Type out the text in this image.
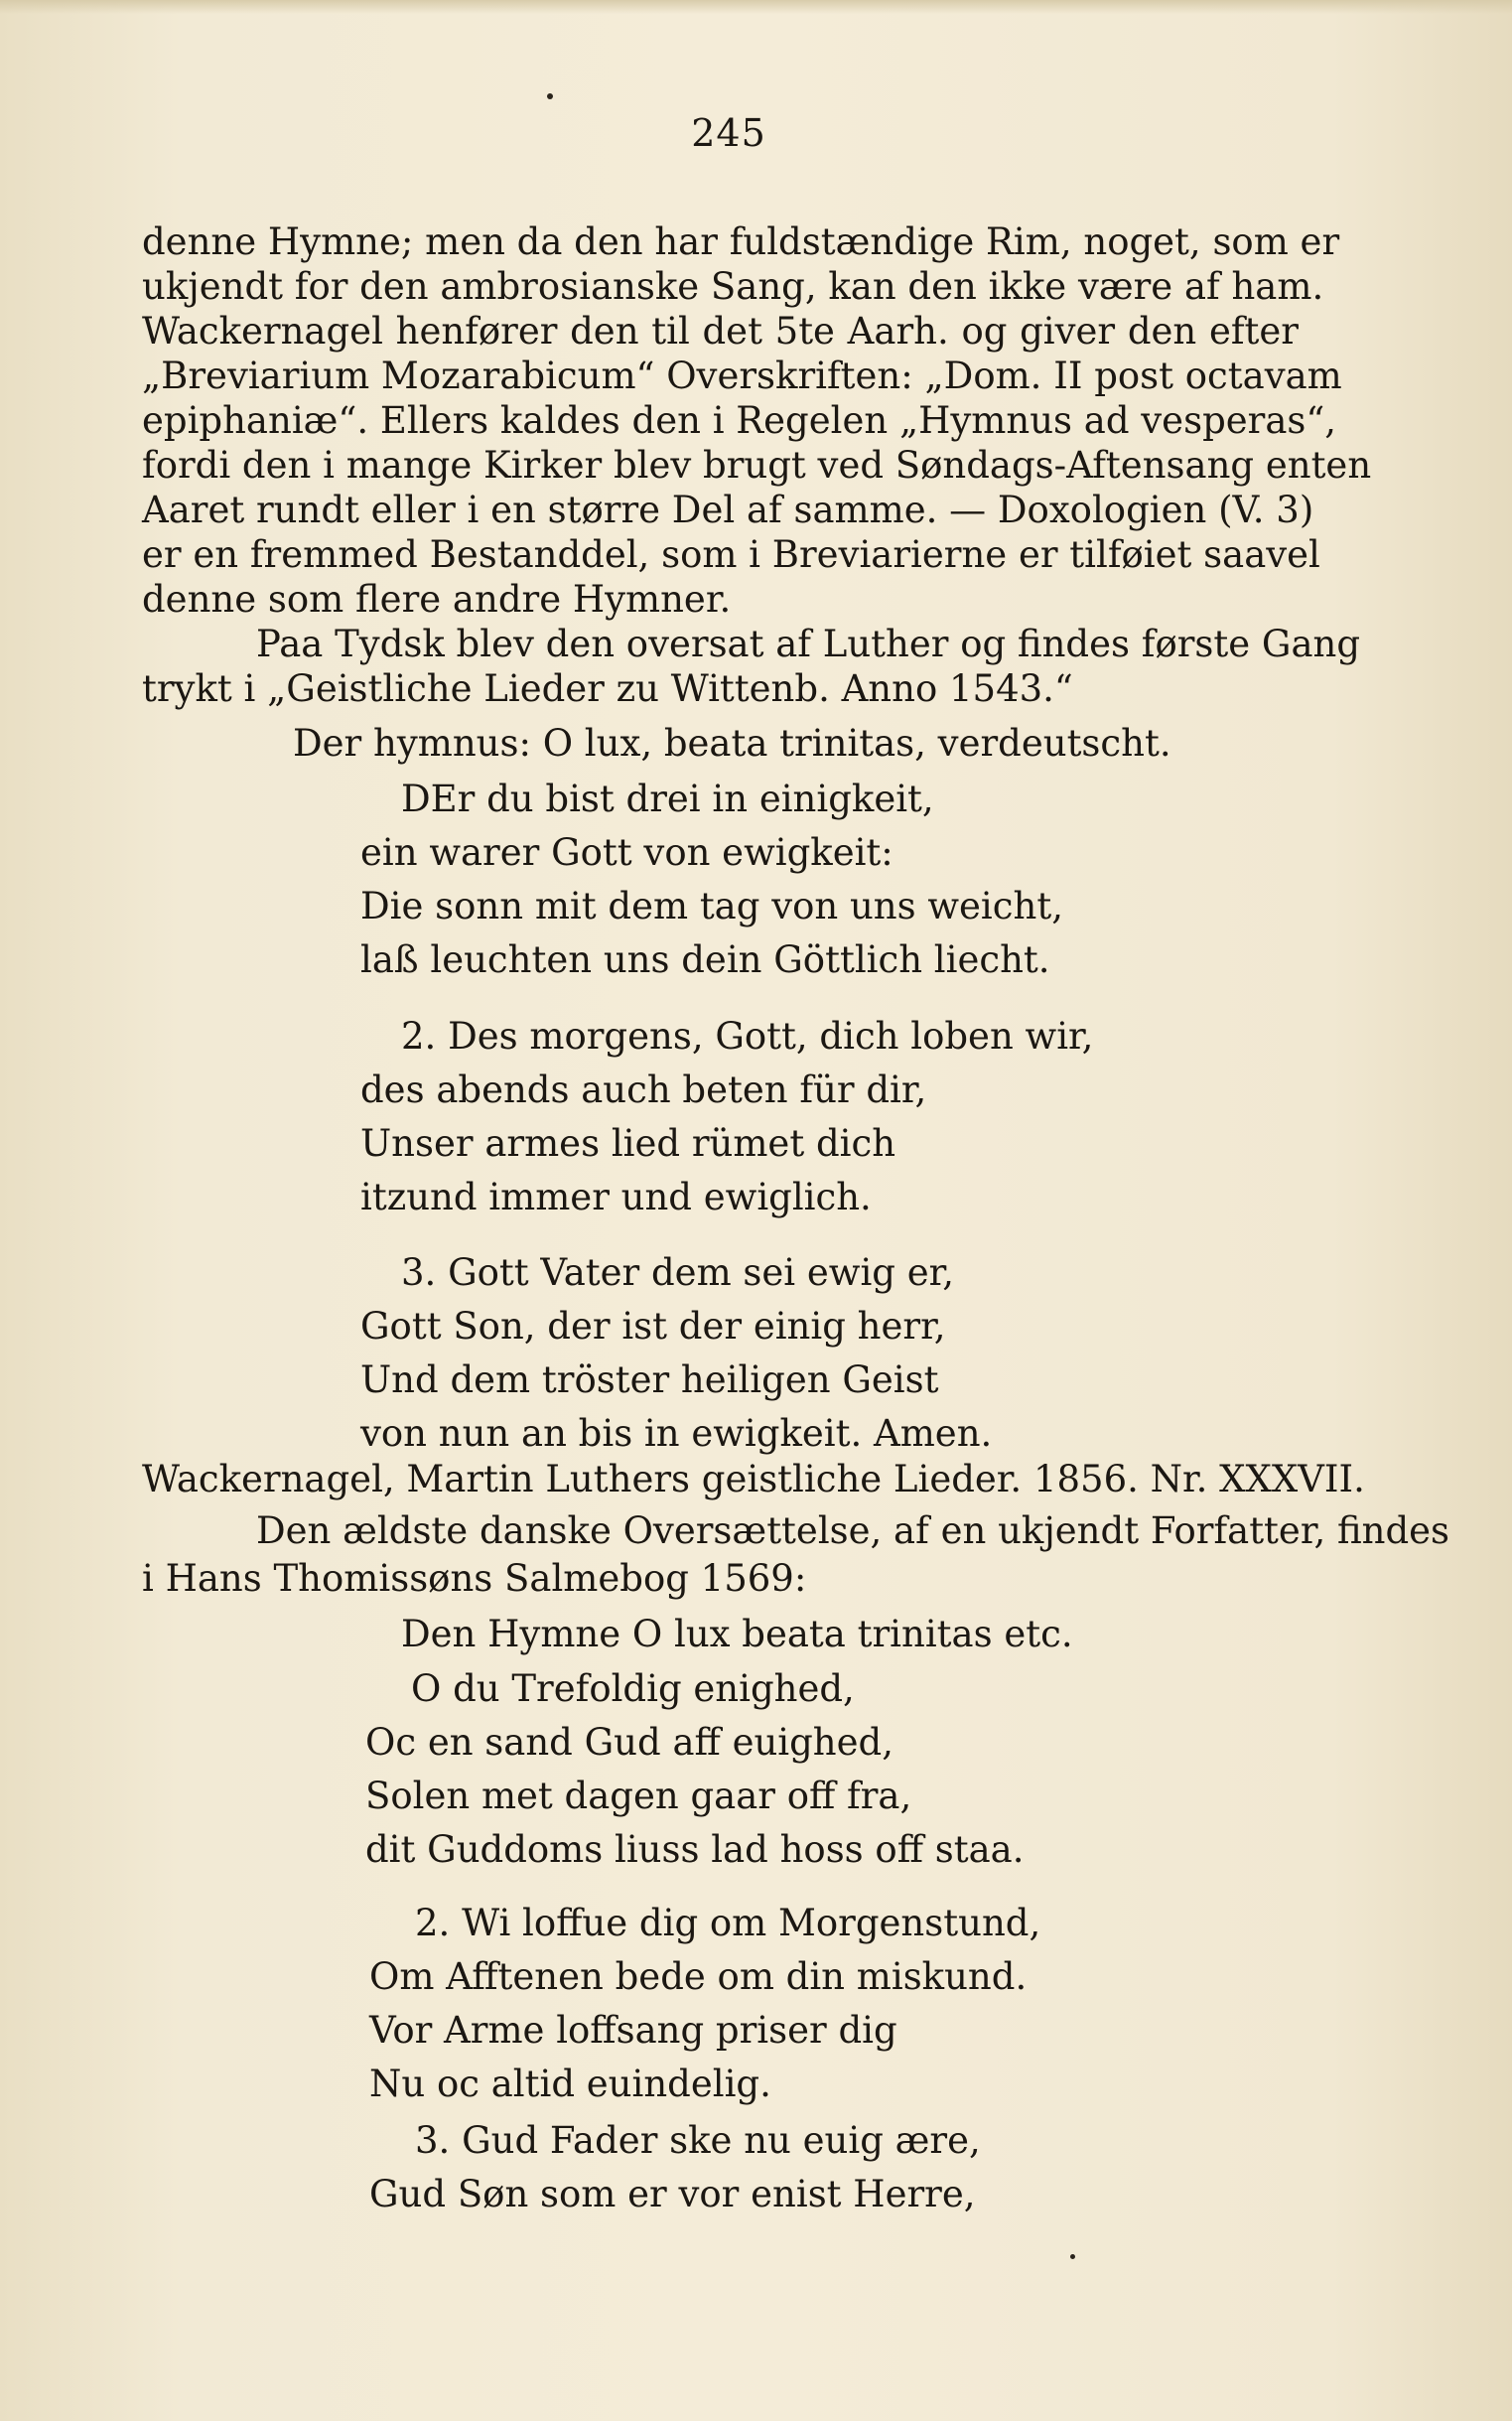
245
denne Hymne; men da den har fuldstændige Rim, noget, som er
ukjendt for den ambrosianske Sang, kan den ikke være af ham.
Wackernagel henfører den til det 5te Aarh. og giver den efter
„Breviarium Mozarabicum“ Overskriften: „Dom. II post octavam
epiphaniæ“. Ellers kaldes den i Regelen „Hymnus ad vesperas“,
fordi den i mange Kirker blev brugt ved Søndags-Aftensang enten
Aaret rundt eller i en større Del af samme. — Doxologien (V. 3)
er en fremmed Bestanddel, som i Breviarierne er tilføiet saavel
denne som flere andre Hymner.
Paa Tydsk blev den oversat af Luther og findes første Gang
trykt i „Geistliche Lieder zu Wittenb. Anno 1543.“
Der hymnus: O lux, beata trinitas, verdeutscht.
DEr du bist drei in einigkeit,
ein warer Gott von ewigkeit:
Die sonn mit dem tag von uns weicht,
laß leuchten uns dein Göttlich liecht.
2. Des morgens, Gott, dich loben wir,
des abends auch beten für dir,
Unser armes lied rümet dich
itzund immer und ewiglich.
3. Gott Vater dem sei ewig er,
Gott Son, der ist der einig herr,
Und dem tröster heiligen Geist
von nun an bis in ewigkeit. Amen.
Wackernagel, Martin Luthers geistliche Lieder. 1856. Nr. XXXVII.
Den ældste danske Oversættelse, af en ukjendt Forfatter, findes
i Hans Thomissøns Salmebog 1569:
Den Hymne O lux beata trinitas etc.
O du Trefoldig enighed,
Oc en sand Gud aff euighed,
Solen met dagen gaar off fra,
dit Guddoms liuss lad hoss off staa.
2. Wi loffue dig om Morgenstund,
Om Afftenen bede om din miskund.
Vor Arme loffsang priser dig
Nu oc altid euindelig.
3. Gud Fader ske nu euig ære,
Gud Søn som er vor enist Herre,
